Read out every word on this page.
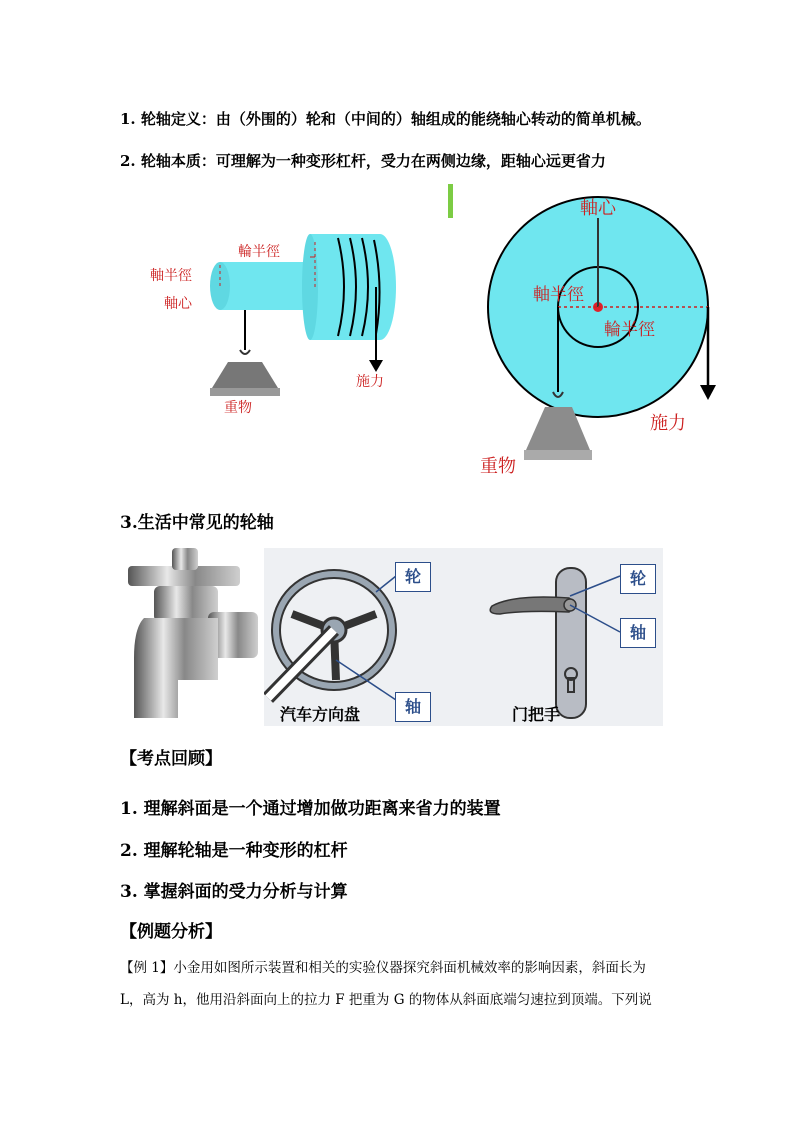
1. 轮轴定义：由（外围的）轮和（中间的）轴组成的能绕轴心转动的简单机械。
2. 轮轴本质：可理解为一种变形杠杆，受力在两侧边缘，距轴心远更省力
輪半徑
軸半徑
軸心
施力
重物
軸心
軸半徑
輪半徑
施力
重物
3.生活中常见的轮轴
轮
轴
轮
轴
汽车方向盘	门把手
【考点回顾】
1. 理解斜面是一个通过增加做功距离来省力的装置
2. 理解轮轴是一种变形的杠杆
3. 掌握斜面的受力分析与计算
【例题分析】
【例 1】小金用如图所示装置和相关的实验仪器探究斜面机械效率的影响因素，斜面长为
L，高为 h，他用沿斜面向上的拉力 F 把重为 G 的物体从斜面底端匀速拉到顶端。下列说
